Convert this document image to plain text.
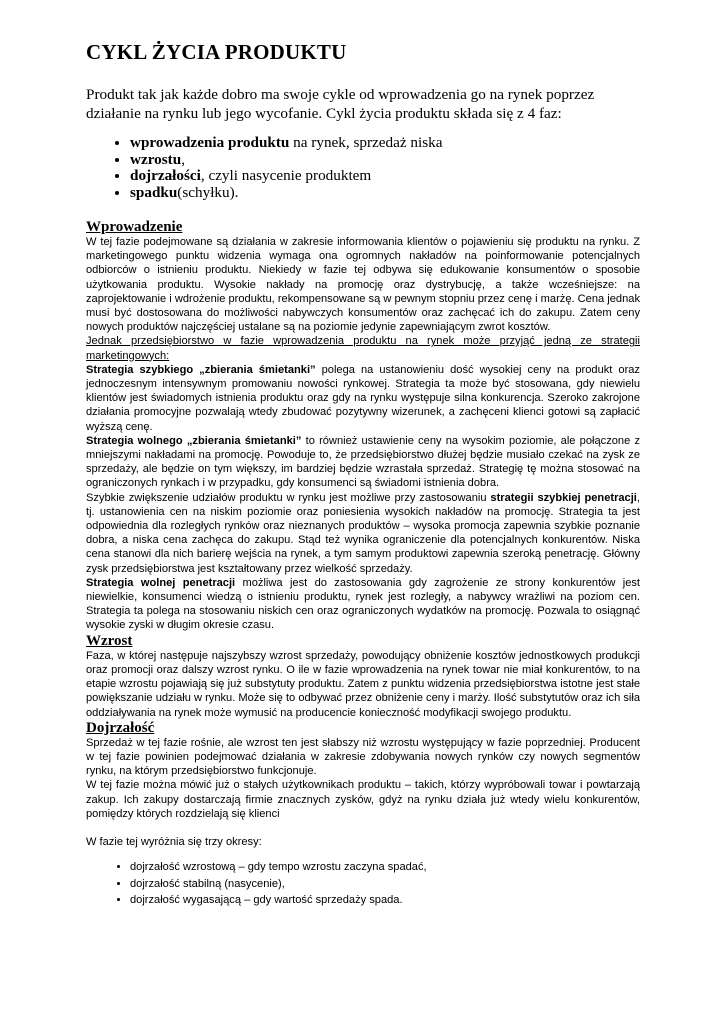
CYKL ŻYCIA PRODUKTU

Produkt tak jak każde dobro ma swoje cykle od wprowadzenia go na rynek poprzez działanie na rynku lub jego wycofanie. Cykl życia produktu składa się z 4 faz:

• wprowadzenia produktu na rynek, sprzedaż niska
• wzrostu,
• dojrzałości, czyli nasycenie produktem
• spadku(schyłku).
Wprowadzenie

W tej fazie podejmowane są działania w zakresie informowania klientów o pojawieniu się produktu na rynku. Z marketingowego punktu widzenia wymaga ona ogromnych nakładów na poinformowanie potencjalnych odbiorców o istnieniu produktu. Niekiedy w fazie tej odbywa się edukowanie konsumentów o sposobie użytkowania produktu. Wysokie nakłady na promocję oraz dystrybucję, a także wcześniejsze: na zaprojektowanie i wdrożenie produktu, rekompensowane są w pewnym stopniu przez cenę i marżę. Cena jednak musi być dostosowana do możliwości nabywczych konsumentów oraz zachęcać ich do zakupu. Zatem ceny nowych produktów najczęściej ustalane są na poziomie jedynie zapewniającym zwrot kosztów.

Jednak przedsiębiorstwo w fazie wprowadzenia produktu na rynek może przyjąć jedną ze strategii marketingowych:

Strategia szybkiego „zbierania śmietanki” polega na ustanowieniu dość wysokiej ceny na produkt oraz jednoczesnym intensywnym promowaniu nowości rynkowej. Strategia ta może być stosowana, gdy niewielu klientów jest świadomych istnienia produktu oraz gdy na rynku występuje silna konkurencja. Szeroko zakrojone działania promocyjne pozwalają wtedy zbudować pozytywny wizerunek, a zachęceni klienci gotowi są zapłacić wyższą cenę.

Strategia wolnego „zbierania śmietanki” to również ustawienie ceny na wysokim poziomie, ale połączone z mniejszymi nakładami na promocję. Powoduje to, że przedsiębiorstwo dłużej będzie musiało czekać na zysk ze sprzedaży, ale będzie on tym większy, im bardziej będzie wzrastała sprzedaż. Strategię tę można stosować na ograniczonych rynkach i w przypadku, gdy konsumenci są świadomi istnienia dobra.

Szybkie zwiększenie udziałów produktu w rynku jest możliwe przy zastosowaniu strategii szybkiej penetracji, tj. ustanowienia cen na niskim poziomie oraz poniesienia wysokich nakładów na promocję. Strategia ta jest odpowiednia dla rozległych rynków oraz nieznanych produktów – wysoka promocja zapewnia szybkie poznanie dobra, a niska cena zachęca do zakupu. Stąd też wynika ograniczenie dla potencjalnych konkurentów. Niska cena stanowi dla nich barierę wejścia na rynek, a tym samym produktowi zapewnia szeroką penetrację. Główny zysk przedsiębiorstwa jest kształtowany przez wielkość sprzedaży.

Strategia wolnej penetracji możliwa jest do zastosowania gdy zagrożenie ze strony konkurentów jest niewielkie, konsumenci wiedzą o istnieniu produktu, rynek jest rozległy, a nabywcy wrażliwi na poziom cen. Strategia ta polega na stosowaniu niskich cen oraz ograniczonych wydatków na promocję. Pozwala to osiągnąć wysokie zyski w długim okresie czasu.

Wzrost

Faza, w której następuje najszybszy wzrost sprzedaży, powodujący obniżenie kosztów jednostkowych produkcji oraz promocji oraz dalszy wzrost rynku. O ile w fazie wprowadzenia na rynek towar nie miał konkurentów, to na etapie wzrostu pojawiają się już substytuty produktu. Zatem z punktu widzenia przedsiębiorstwa istotne jest stałe powiększanie udziału w rynku. Może się to odbywać przez obniżenie ceny i marży. Ilość substytutów oraz ich siła oddziaływania na rynek może wymusić na producencie konieczność modyfikacji swojego produktu.

Dojrzałość

Sprzedaż w tej fazie rośnie, ale wzrost ten jest słabszy niż wzrostu występujący w fazie poprzedniej. Producent w tej fazie powinien podejmować działania w zakresie zdobywania nowych rynków czy nowych segmentów rynku, na którym przedsiębiorstwo funkcjonuje.

W tej fazie można mówić już o stałych użytkownikach produktu – takich, którzy wypróbowali towar i powtarzają zakup. Ich zakupy dostarczają firmie znacznych zysków, gdyż na rynku działa już wtedy wielu konkurentów, pomiędzy których rozdzielają się klienci

W fazie tej wyróżnia się trzy okresy:

• dojrzałość wzrostową – gdy tempo wzrostu zaczyna spadać,
• dojrzałość stabilną (nasycenie),
• dojrzałość wygasającą – gdy wartość sprzedaży spada.
